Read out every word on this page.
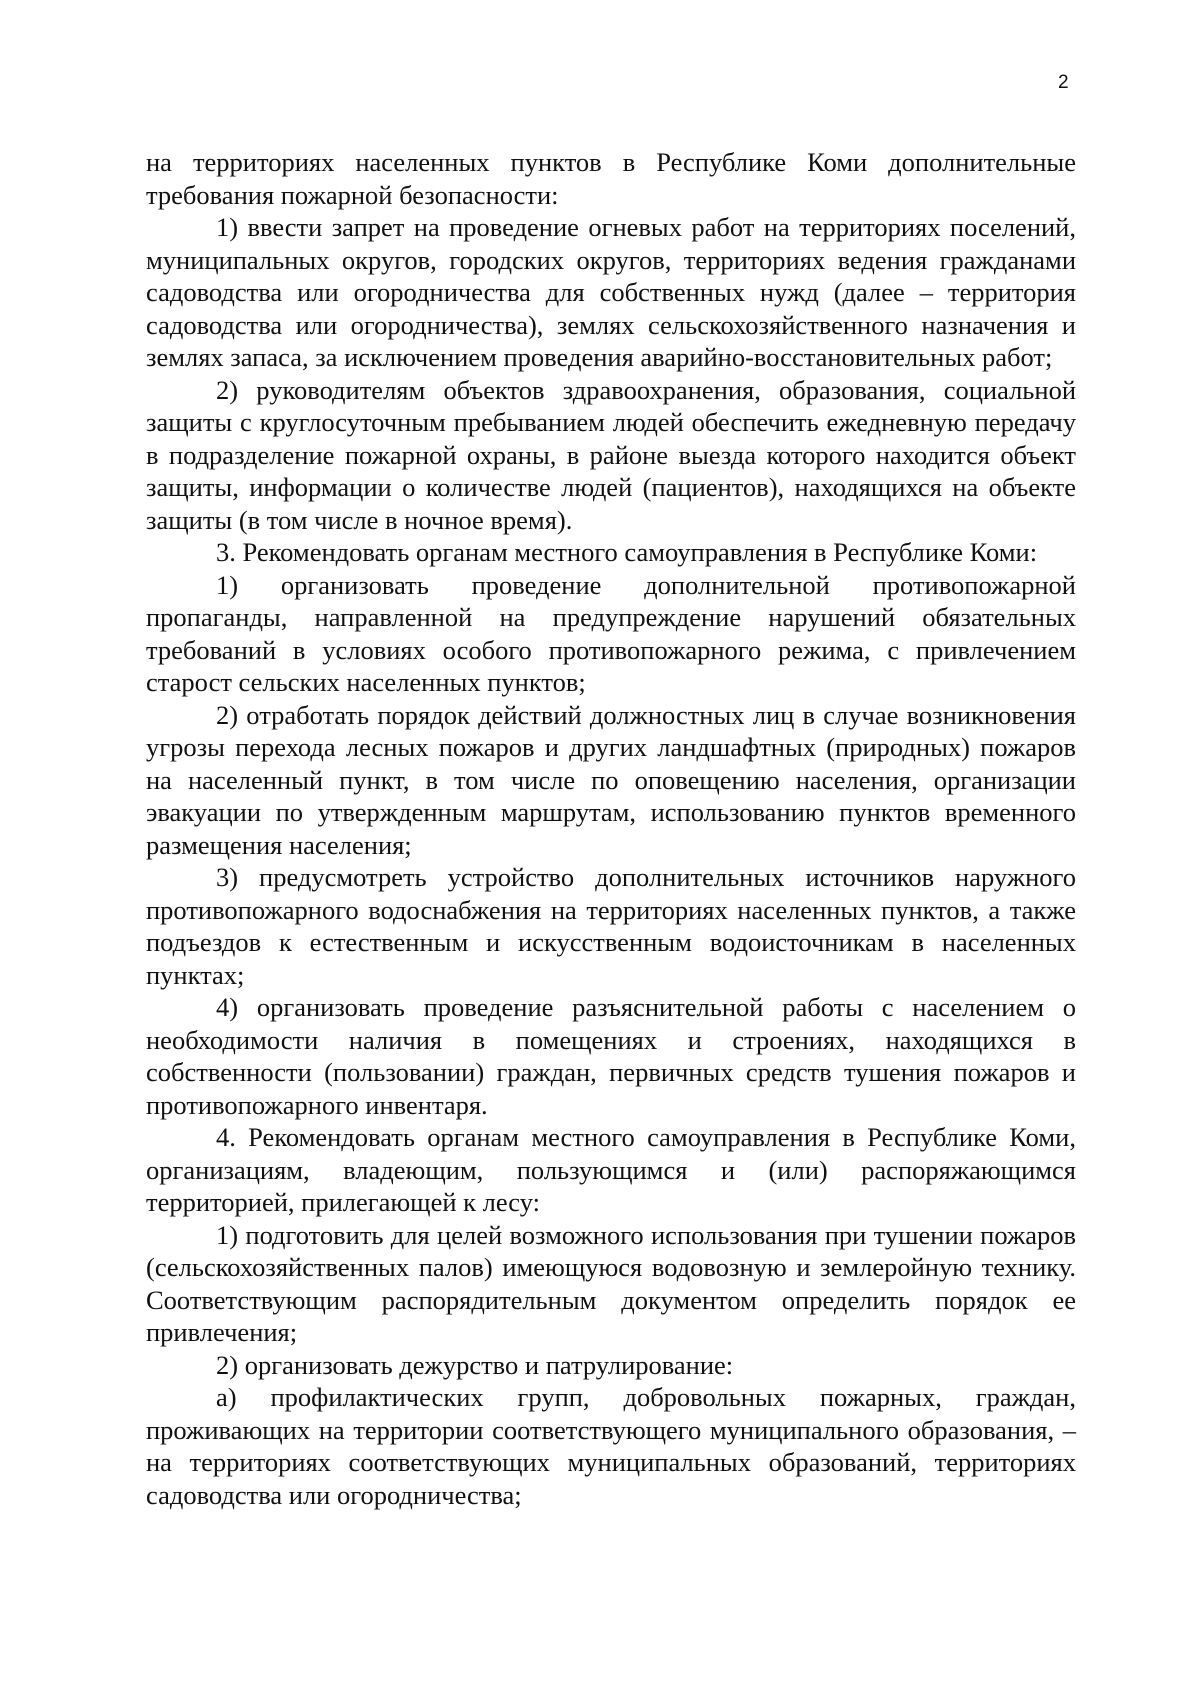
2

на территориях населенных пунктов в Республике Коми дополнительные требования пожарной безопасности:

1) ввести запрет на проведение огневых работ на территориях поселений, муниципальных округов, городских округов, территориях ведения гражданами садоводства или огородничества для собственных нужд (далее – территория садоводства или огородничества), землях сельскохозяйственного назначения и землях запаса, за исключением проведения аварийно-восстановительных работ;

2) руководителям объектов здравоохранения, образования, социальной защиты с круглосуточным пребыванием людей обеспечить ежедневную передачу в подразделение пожарной охраны, в районе выезда которого находится объект защиты, информации о количестве людей (пациентов), находящихся на объекте защиты (в том числе в ночное время).

3. Рекомендовать органам местного самоуправления в Республике Коми:

1) организовать проведение дополнительной противопожарной пропаганды, направленной на предупреждение нарушений обязательных требований в условиях особого противопожарного режима, с привлечением старост сельских населенных пунктов;

2) отработать порядок действий должностных лиц в случае возникновения угрозы перехода лесных пожаров и других ландшафтных (природных) пожаров на населенный пункт, в том числе по оповещению населения, организации эвакуации по утвержденным маршрутам, использованию пунктов временного размещения населения;

3) предусмотреть устройство дополнительных источников наружного противопожарного водоснабжения на территориях населенных пунктов, а также подъездов к естественным и искусственным водоисточникам в населенных пунктах;

4) организовать проведение разъяснительной работы с населением о необходимости наличия в помещениях и строениях, находящихся в собственности (пользовании) граждан, первичных средств тушения пожаров и противопожарного инвентаря.

4. Рекомендовать органам местного самоуправления в Республике Коми, организациям, владеющим, пользующимся и (или) распоряжающимся территорией, прилегающей к лесу:

1) подготовить для целей возможного использования при тушении пожаров (сельскохозяйственных палов) имеющуюся водовозную и землеройную технику. Соответствующим распорядительным документом определить порядок ее привлечения;

2) организовать дежурство и патрулирование:

а) профилактических групп, добровольных пожарных, граждан, проживающих на территории соответствующего муниципального образования, – на территориях соответствующих муниципальных образований, территориях садоводства или огородничества;
